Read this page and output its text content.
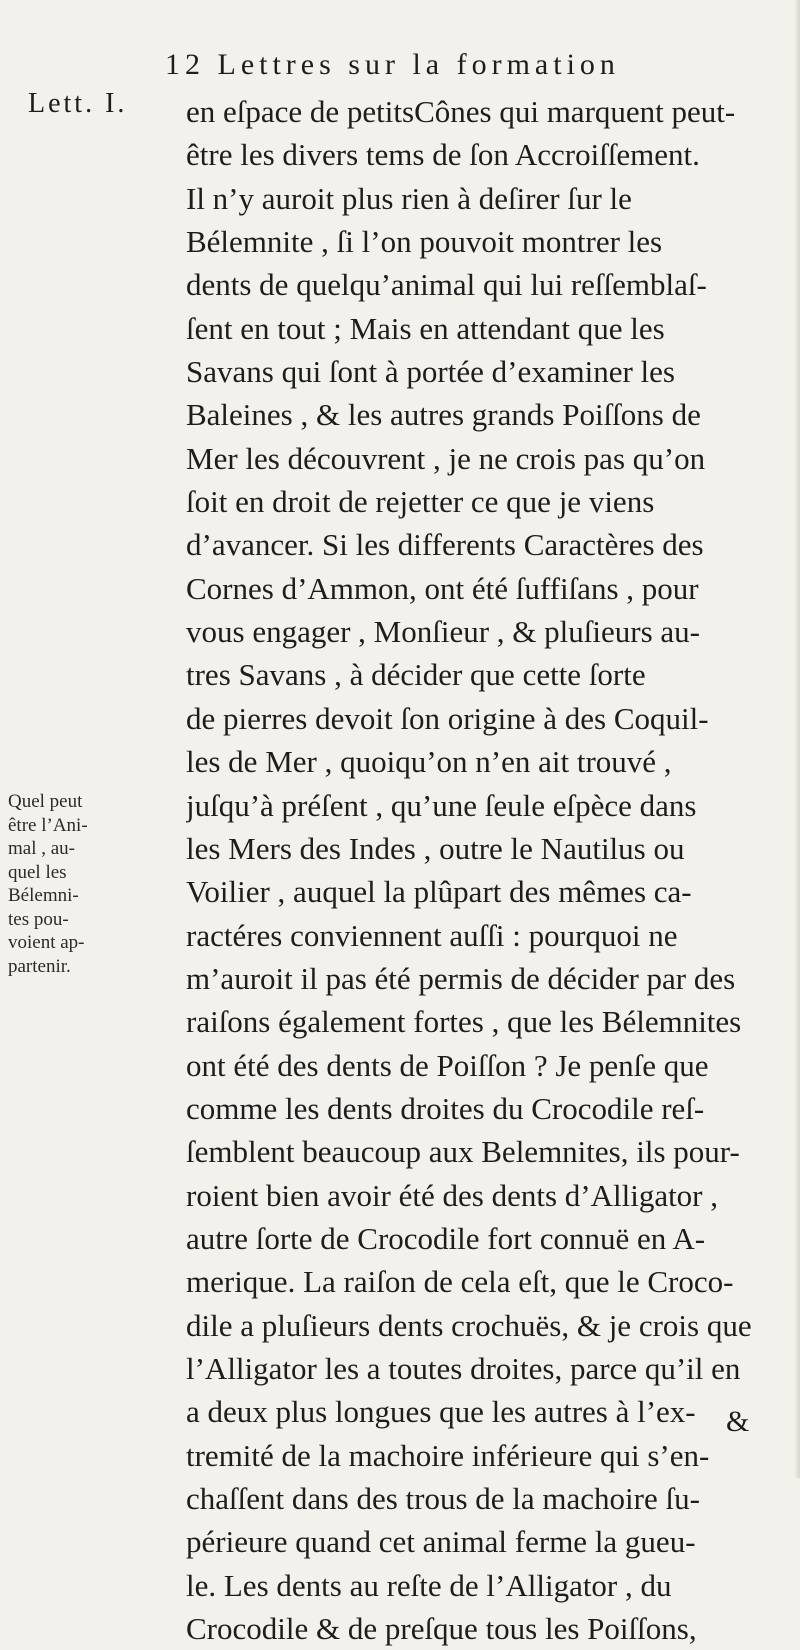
12 Lettres sur la formation
Lett. I. en eſpace de petitsCônes qui marquent peut-
être les divers tems de ſon Accroiſſement.
Il n’y auroit plus rien à deſirer ſur le
Bélemnite , ſi l’on pouvoit montrer les
dents de quelqu’animal qui lui reſſemblaſ-
ſent en tout ; Mais en attendant que les
Savans qui ſont à portée d’examiner les
Baleines , & les autres grands Poiſſons de
Mer les découvrent , je ne crois pas qu’on
ſoit en droit de rejetter ce que je viens
d’avancer. Si les differents Caractères des
Cornes d’Ammon, ont été ſuffiſans , pour
vous engager , Monſieur , & pluſieurs au-
tres Savans , à décider que cette ſorte
de pierres devoit ſon origine à des Coquil-
les de Mer , quoiqu’on n’en ait trouvé ,
juſqu’à préſent , qu’une ſeule eſpèce dans
les Mers des Indes , outre le Nautilus ou
Voilier , auquel la plûpart des mêmes ca-
ractéres conviennent auſſi : pourquoi ne
m’auroit il pas été permis de décider par des
raiſons également fortes , que les Bélemnites
ont été des dents de Poiſſon ? Je penſe que
comme les dents droites du Crocodile reſ-
ſemblent beaucoup aux Belemnites, ils pour-
roient bien avoir été des dents d’Alligator ,
autre ſorte de Crocodile fort connuë en A-
merique. La raiſon de cela eſt, que le Croco-
dile a pluſieurs dents crochuës, & je crois que
l’Alligator les a toutes droites, parce qu’il en
a deux plus longues que les autres à l’ex-
tremité de la machoire inférieure qui s’en-
chaſſent dans des trous de la machoire ſu-
périeure quand cet animal ferme la gueu-
le. Les dents au reſte de l’Alligator , du
Crocodile & de preſque tous les Poiſſons,
Quel peut
être l’Ani-
mal , au-
quel les
Bélemni-
tes pou-
voient ap-
partenir.
&
